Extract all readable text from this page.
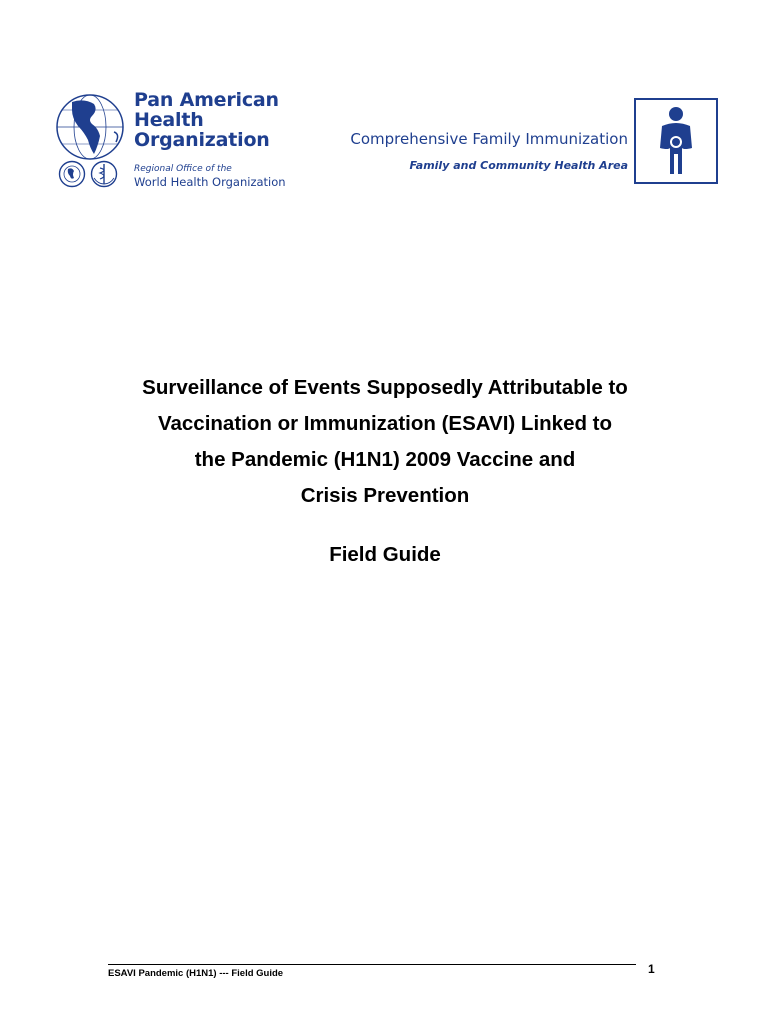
Pan American
Health
Organization
Regional Office of the
World Health Organization
Comprehensive Family Immunization
Family and Community Health Area
Surveillance of Events Supposedly Attributable to
Vaccination or Immunization (ESAVI) Linked to
the Pandemic (H1N1) 2009 Vaccine and
Crisis Prevention
Field Guide
ESAVI Pandemic (H1N1) --- Field Guide	1
